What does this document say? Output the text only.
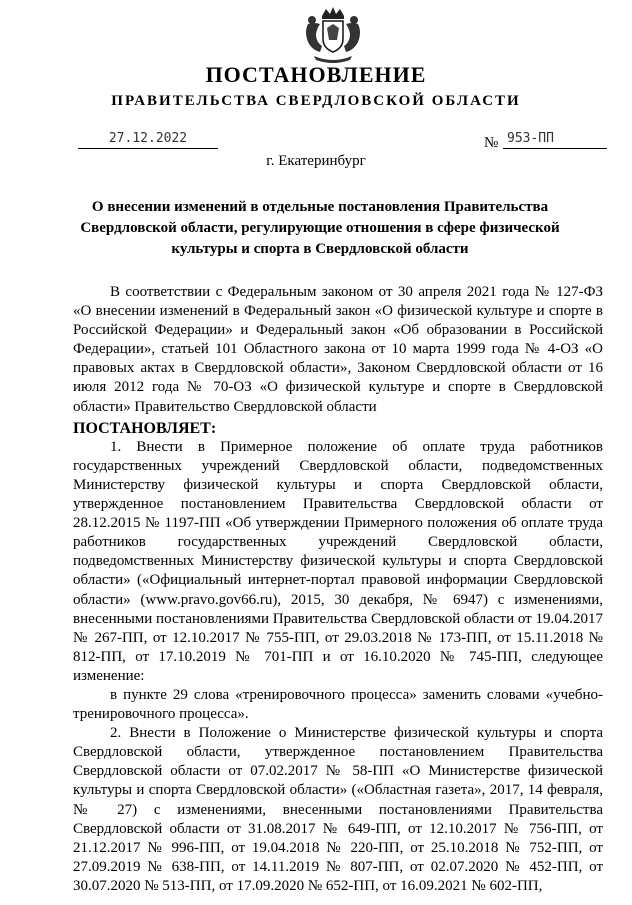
ПОСТАНОВЛЕНИЕ
ПРАВИТЕЛЬСТВА СВЕРДЛОВСКОЙ ОБЛАСТИ
27.12.2022	№ 953-ПП
г. Екатеринбург
О внесении изменений в отдельные постановления Правительства Свердловской области, регулирующие отношения в сфере физической культуры и спорта в Свердловской области

В соответствии с Федеральным законом от 30 апреля 2021 года № 127-ФЗ «О внесении изменений в Федеральный закон «О физической культуре и спорте в Российской Федерации» и Федеральный закон «Об образовании в Российской Федерации», статьей 101 Областного закона от 10 марта 1999 года № 4-ОЗ «О правовых актах в Свердловской области», Законом Свердловской области от 16 июля 2012 года № 70-ОЗ «О физической культуре и спорте в Свердловской области» Правительство Свердловской области

ПОСТАНОВЛЯЕТ:

1. Внести в Примерное положение об оплате труда работников государственных учреждений Свердловской области, подведомственных Министерству физической культуры и спорта Свердловской области, утвержденное постановлением Правительства Свердловской области от 28.12.2015 № 1197-ПП «Об утверждении Примерного положения об оплате труда работников государственных учреждений Свердловской области, подведомственных Министерству физической культуры и спорта Свердловской области» («Официальный интернет-портал правовой информации Свердловской области» (www.pravo.gov66.ru), 2015, 30 декабря, № 6947) с изменениями, внесенными постановлениями Правительства Свердловской области от 19.04.2017 № 267-ПП, от 12.10.2017 № 755-ПП, от 29.03.2018 № 173-ПП, от 15.11.2018 № 812-ПП, от 17.10.2019 № 701-ПП и от 16.10.2020 № 745-ПП, следующее изменение:

в пункте 29 слова «тренировочного процесса» заменить словами «учебно-тренировочного процесса».

2. Внести в Положение о Министерстве физической культуры и спорта Свердловской области, утвержденное постановлением Правительства Свердловской области от 07.02.2017 № 58-ПП «О Министерстве физической культуры и спорта Свердловской области» («Областная газета», 2017, 14 февраля, № 27) с изменениями, внесенными постановлениями Правительства Свердловской области от 31.08.2017 № 649-ПП, от 12.10.2017 № 756-ПП, от 21.12.2017 № 996-ПП, от 19.04.2018 № 220-ПП, от 25.10.2018 № 752-ПП, от 27.09.2019 № 638-ПП, от 14.11.2019 № 807-ПП, от 02.07.2020 № 452-ПП, от 30.07.2020 № 513-ПП, от 17.09.2020 № 652-ПП, от 16.09.2021 № 602-ПП,
